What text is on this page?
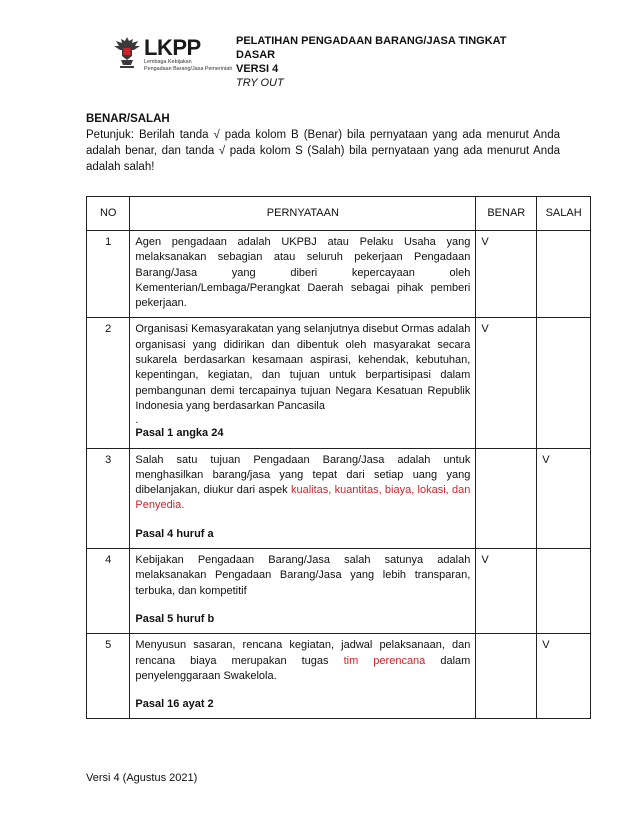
LKPP
Lembaga Kebijakan
Pengadaan Barang/Jasa Pemerintah
PELATIHAN PENGADAAN BARANG/JASA TINGKAT
DASAR
VERSI 4
TRY OUT
BENAR/SALAH
Petunjuk: Berilah tanda √ pada kolom B (Benar) bila pernyataan yang ada menurut Anda adalah benar, dan tanda √ pada kolom S (Salah) bila pernyataan yang ada menurut Anda adalah salah!
NO	PERNYATAAN	BENAR	SALAH
1	Agen pengadaan adalah UKPBJ atau Pelaku Usaha yang melaksanakan sebagian atau seluruh pekerjaan Pengadaan Barang/Jasa yang diberi kepercayaan oleh Kementerian/Lembaga/Perangkat Daerah sebagai pihak pemberi pekerjaan.	V	
2	Organisasi Kemasyarakatan yang selanjutnya disebut Ormas adalah organisasi yang didirikan dan dibentuk oleh masyarakat secara sukarela berdasarkan kesamaan aspirasi, kehendak, kebutuhan, kepentingan, kegiatan, dan tujuan untuk berpartisipasi dalam pembangunan demi tercapainya tujuan Negara Kesatuan Republik Indonesia yang berdasarkan Pancasila
.
Pasal 1 angka 24	V	
3	Salah satu tujuan Pengadaan Barang/Jasa adalah untuk menghasilkan barang/jasa yang tepat dari setiap uang yang dibelanjakan, diukur dari aspek kualitas, kuantitas, biaya, lokasi, dan Penyedia.
Pasal 4 huruf a		V
4	Kebijakan Pengadaan Barang/Jasa salah satunya adalah melaksanakan Pengadaan Barang/Jasa yang lebih transparan, terbuka, dan kompetitif
Pasal 5 huruf b	V	
5	Menyusun sasaran, rencana kegiatan, jadwal pelaksanaan, dan rencana biaya merupakan tugas tim perencana dalam penyelenggaraan Swakelola.
Pasal 16 ayat 2		V
Versi 4 (Agustus 2021)
